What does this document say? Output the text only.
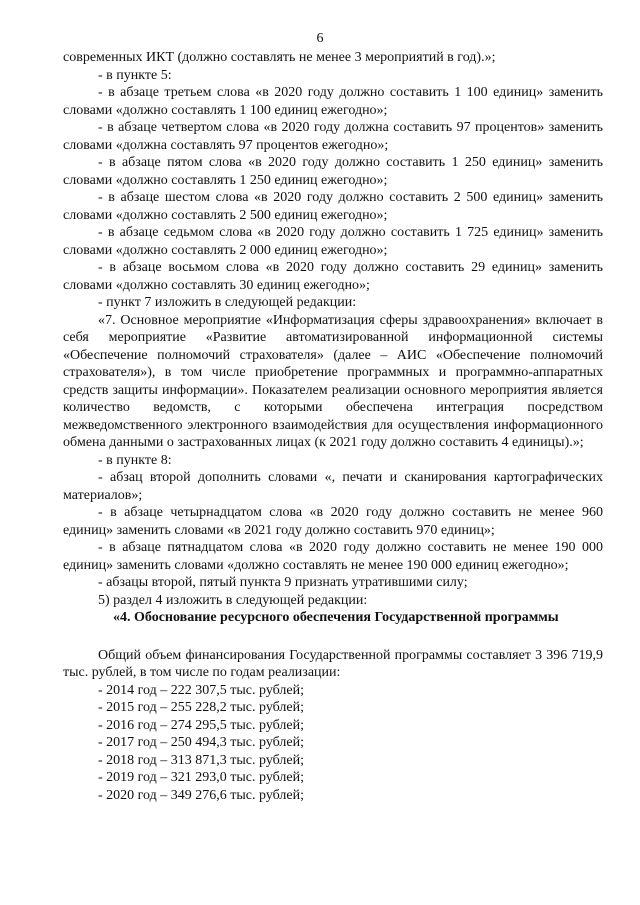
6

современных ИКТ (должно составлять не менее 3 мероприятий в год).»;

- в пункте 5:

- в абзаце третьем слова «в 2020 году должно составить 1 100 единиц» заменить словами «должно составлять 1 100 единиц ежегодно»;

- в абзаце четвертом слова «в 2020 году должна составить 97 процентов» заменить словами «должна составлять 97 процентов ежегодно»;

- в абзаце пятом слова «в 2020 году должно составить 1 250 единиц» заменить словами «должно составлять 1 250 единиц ежегодно»;

- в абзаце шестом слова «в 2020 году должно составить 2 500 единиц» заменить словами «должно составлять 2 500 единиц ежегодно»;

- в абзаце седьмом слова «в 2020 году должно составить 1 725 единиц» заменить словами «должно составлять 2 000 единиц ежегодно»;

- в абзаце восьмом слова «в 2020 году должно составить 29 единиц» заменить словами «должно составлять 30 единиц ежегодно»;

- пункт 7 изложить в следующей редакции:

«7. Основное мероприятие «Информатизация сферы здравоохранения» включает в себя мероприятие «Развитие автоматизированной информационной системы «Обеспечение полномочий страхователя» (далее – АИС «Обеспечение полномочий страхователя»), в том числе приобретение программных и программно-аппаратных средств защиты информации». Показателем реализации основного мероприятия является количество ведомств, с которыми обеспечена интеграция посредством межведомственного электронного взаимодействия для осуществления информационного обмена данными о застрахованных лицах (к 2021 году должно составить 4 единицы).»;

- в пункте 8:

- абзац второй дополнить словами «, печати и сканирования картографических материалов»;

- в абзаце четырнадцатом слова «в 2020 году должно составить не менее 960 единиц» заменить словами «в 2021 году должно составить 970 единиц»;

- в абзаце пятнадцатом слова «в 2020 году должно составить не менее 190 000 единиц» заменить словами «должно составлять не менее 190 000 единиц ежегодно»;

- абзацы второй, пятый пункта 9 признать утратившими силу;

5) раздел 4 изложить в следующей редакции:

«4. Обоснование ресурсного обеспечения Государственной программы

Общий объем финансирования Государственной программы составляет 3 396 719,9 тыс. рублей, в том числе по годам реализации:

- 2014 год – 222 307,5 тыс. рублей;
- 2015 год – 255 228,2 тыс. рублей;
- 2016 год – 274 295,5 тыс. рублей;
- 2017 год – 250 494,3 тыс. рублей;
- 2018 год – 313 871,3 тыс. рублей;
- 2019 год – 321 293,0 тыс. рублей;
- 2020 год – 349 276,6 тыс. рублей;
